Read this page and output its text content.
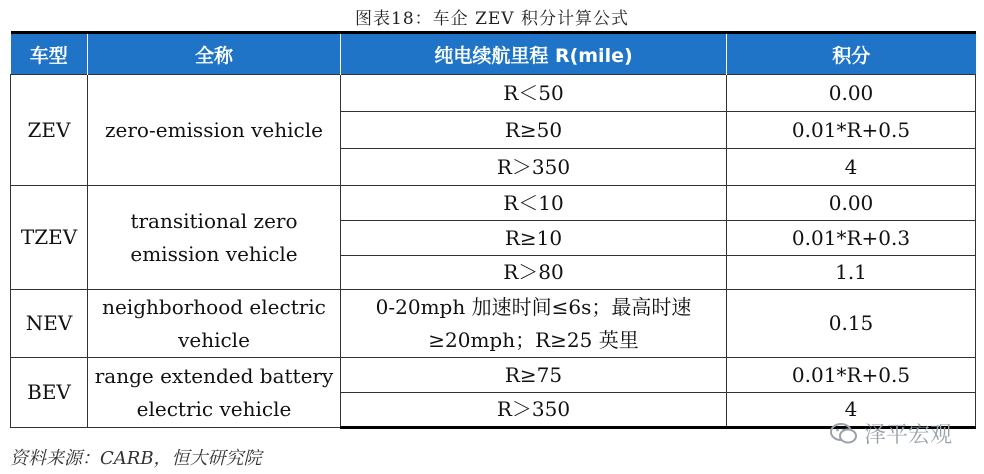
图表18：车企 ZEV 积分计算公式
车型	全称	纯电续航里程 R(mile)	积分
ZEV	zero-emission vehicle	R＜50	0.00
		R≥50	0.01*R+0.5
		R＞350	4
TZEV	transitional zero emission vehicle	R＜10	0.00
		R≥10	0.01*R+0.3
		R＞80	1.1
NEV	neighborhood electric vehicle	0-20mph 加速时间≤6s；最高时速≥20mph；R≥25 英里	0.15
BEV	range extended battery electric vehicle	R≥75	0.01*R+0.5
		R＞350	4
资料来源：CARB，恒大研究院
泽平宏观
